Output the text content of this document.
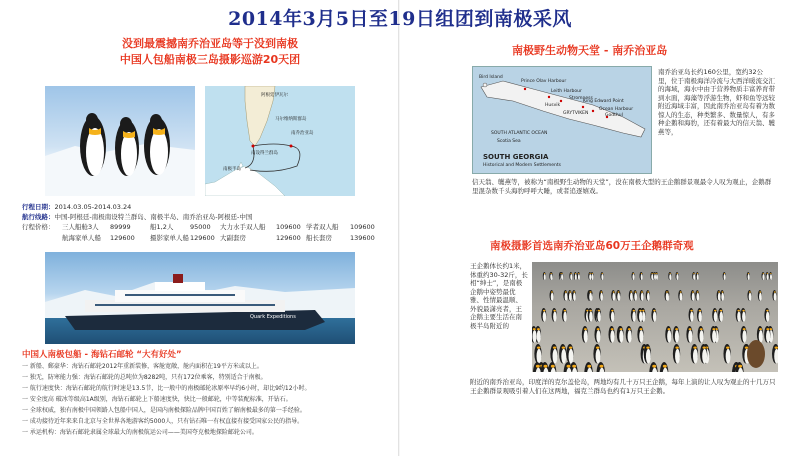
没到最震撼南乔治亚岛等于没到南极
中国人包船南极三岛摄影巡游20天团
阿根廷伊瓦尔
马尔维纳斯群岛
南乔治亚岛
南设得兰群岛
南极半岛
行程日期：2014.03.05-2014.03.24
航行线路：中国-阿根廷-南极南设特兰群岛、南极半岛、南乔治亚岛-阿根廷-中国
行程价格： 三人船舱3人	89999	船1,2人	95000	大力水手双人船	109600 学者双人船	109600
航海家单人船	129600	摄影家单人船 129600 大副套房	129600 船长套房	139600
Quark Expeditions
中国人南极包船 - 海钻石邮轮 “大有好处”
一 新船、郵豪华：海钻石邮轮2012年重新装修，客舱宽敞，舱内面积在19平方米或以上。
一 独无，防寒能力强：海钻石邮轮的总吨位为8282吨，只有172位乘客，特别适合于南极。
一 航行速度快：海钻石邮轮的航行时速是13.5节，比一般中的南极邮轮冰原率早约6小时，却比9约12小时。
一 安全度高 破冰等级高1A级别，海钻石邮轮上下船速度快，快比一般邮轮，中等装配标准，开钻石。
一 全球权威，独有南极中国领路人包船中国人，是国内南极探险品牌中国百姓了解南极最多的第一手经验。
一 成功接待近年来来自北京与全世界各地游客约5000人，只有钻石唯一有权直接有接受国家公民的指导。
一 承运机构：海钻石邮轮隶属全球最大的南极航运公司——美国夸克极地探险邮轮公司。
南极野生动物天堂 - 南乔治亚岛
Bird Island
Prince Olav Harbour
Leith Harbour
Stromness
Husvik
King Edward Point
GRYTVIKEN
Ocean Harbour
Godthul
SOUTH ATLANTIC OCEAN
Scotia Sea
SOUTH GEORGIA
Historical and Modern Settlements
南乔治亚岛长约160公里，宽约32公里，位于南极海洋冷流与大西洋暖流交汇的海域，海水中由于营养物质丰富养育带到水面，海藻等浮游生物，虾和鱼等远较附近海域丰富，因此南乔治亚岛有着为数惊人的生态，种类繁多、数量惊人，有多种企鹅和海豹，还有着最大的信天翁、鹱燕等，
信天翁、鹱燕等，被称为“南极野生动物的天堂”，没在南极大型的王企鹅群景观最令人叹为观止，企鹅群里混杂数千头海豹呼呼大睡，或者追逐嬉戏。
南极摄影首选南乔治亚岛60万王企鹅群奇观
王企鹅体长约1米，体重约30-32斤，长相“绅士”，是南极企鹅中姿势最优雅、性情最温顺、外貌最潇亮者，王企鹅主要生活在南极半岛附近的
附近的南乔治亚岛，印度洋的克尔盖伦岛，两地均有几十万只王企鹅，每年上演的让人叹为观止的十几万只王企鹅群景观吸引着人们在这两地，福克兰群岛也约有1万只王企鹅。
2014年3月5日至19日组团到南极采风
